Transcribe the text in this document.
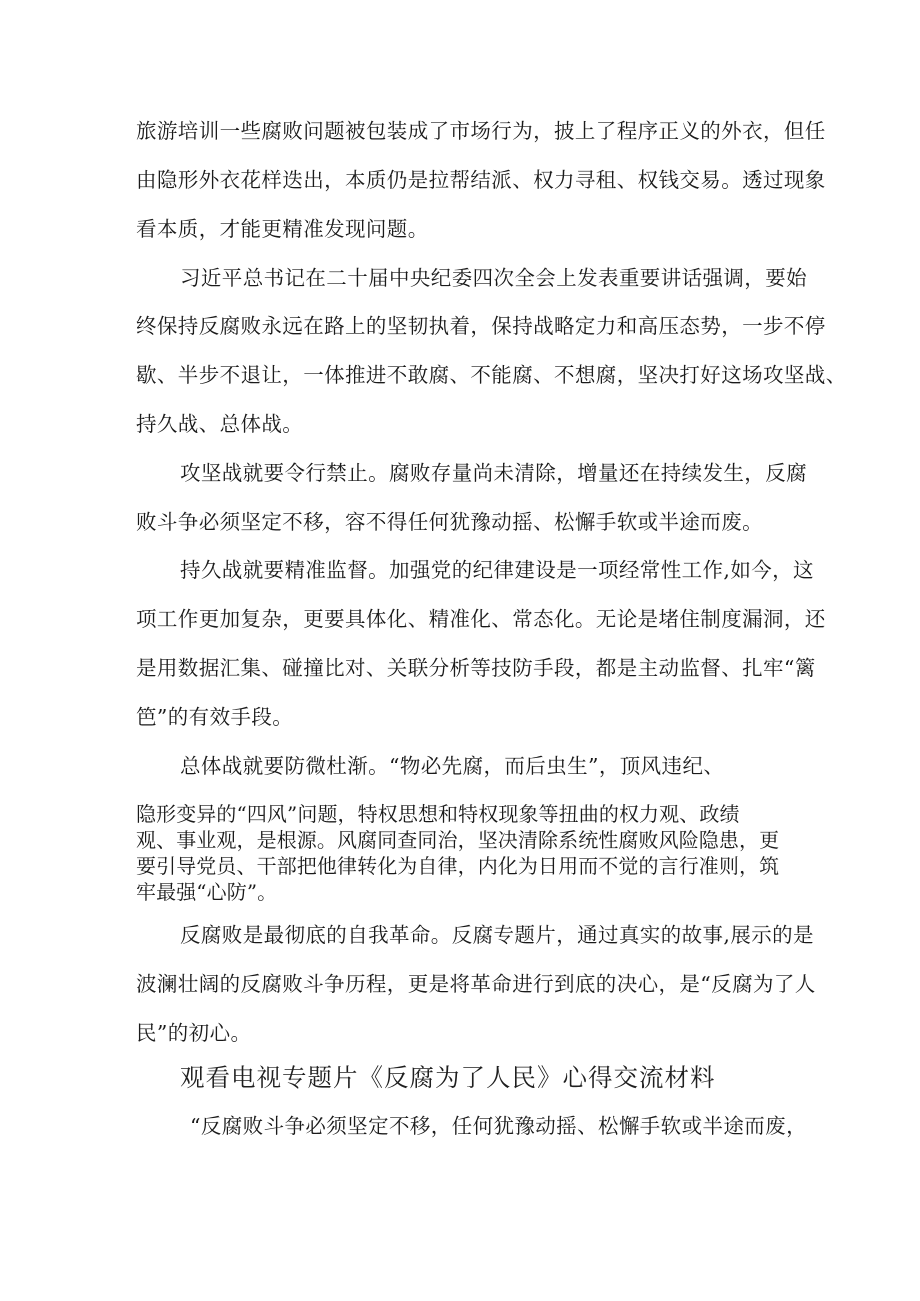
旅游培训一些腐败问题被包装成了市场行为，披上了程序正义的外衣，但任

由隐形外衣花样迭出，本质仍是拉帮结派、权力寻租、权钱交易。透过现象

看本质，才能更精准发现问题。

习近平总书记在二十届中央纪委四次全会上发表重要讲话强调，要始

终保持反腐败永远在路上的坚韧执着，保持战略定力和高压态势，一步不停

歇、半步不退让，一体推进不敢腐、不能腐、不想腐，坚决打好这场攻坚战、

持久战、总体战。

攻坚战就要令行禁止。腐败存量尚未清除，增量还在持续发生，反腐

败斗争必须坚定不移，容不得任何犹豫动摇、松懈手软或半途而废。

持久战就要精准监督。加强党的纪律建设是一项经常性工作,如今，这

项工作更加复杂，更要具体化、精准化、常态化。无论是堵住制度漏洞，还

是用数据汇集、碰撞比对、关联分析等技防手段，都是主动监督、扎牢“篱

笆”的有效手段。

总体战就要防微杜渐。“物必先腐，而后虫生”，顶风违纪、

隐形变异的“四风”问题，特权思想和特权现象等扭曲的权力观、政绩

观、事业观，是根源。风腐同查同治，坚决清除系统性腐败风险隐患，更

要引导党员、干部把他律转化为自律，内化为日用而不觉的言行准则，筑

牢最强“心防”。

反腐败是最彻底的自我革命。反腐专题片，通过真实的故事,展示的是

波澜壮阔的反腐败斗争历程，更是将革命进行到底的决心，是“反腐为了人

民”的初心。

观看电视专题片《反腐为了人民》心得交流材料

“反腐败斗争必须坚定不移，任何犹豫动摇、松懈手软或半途而废，
